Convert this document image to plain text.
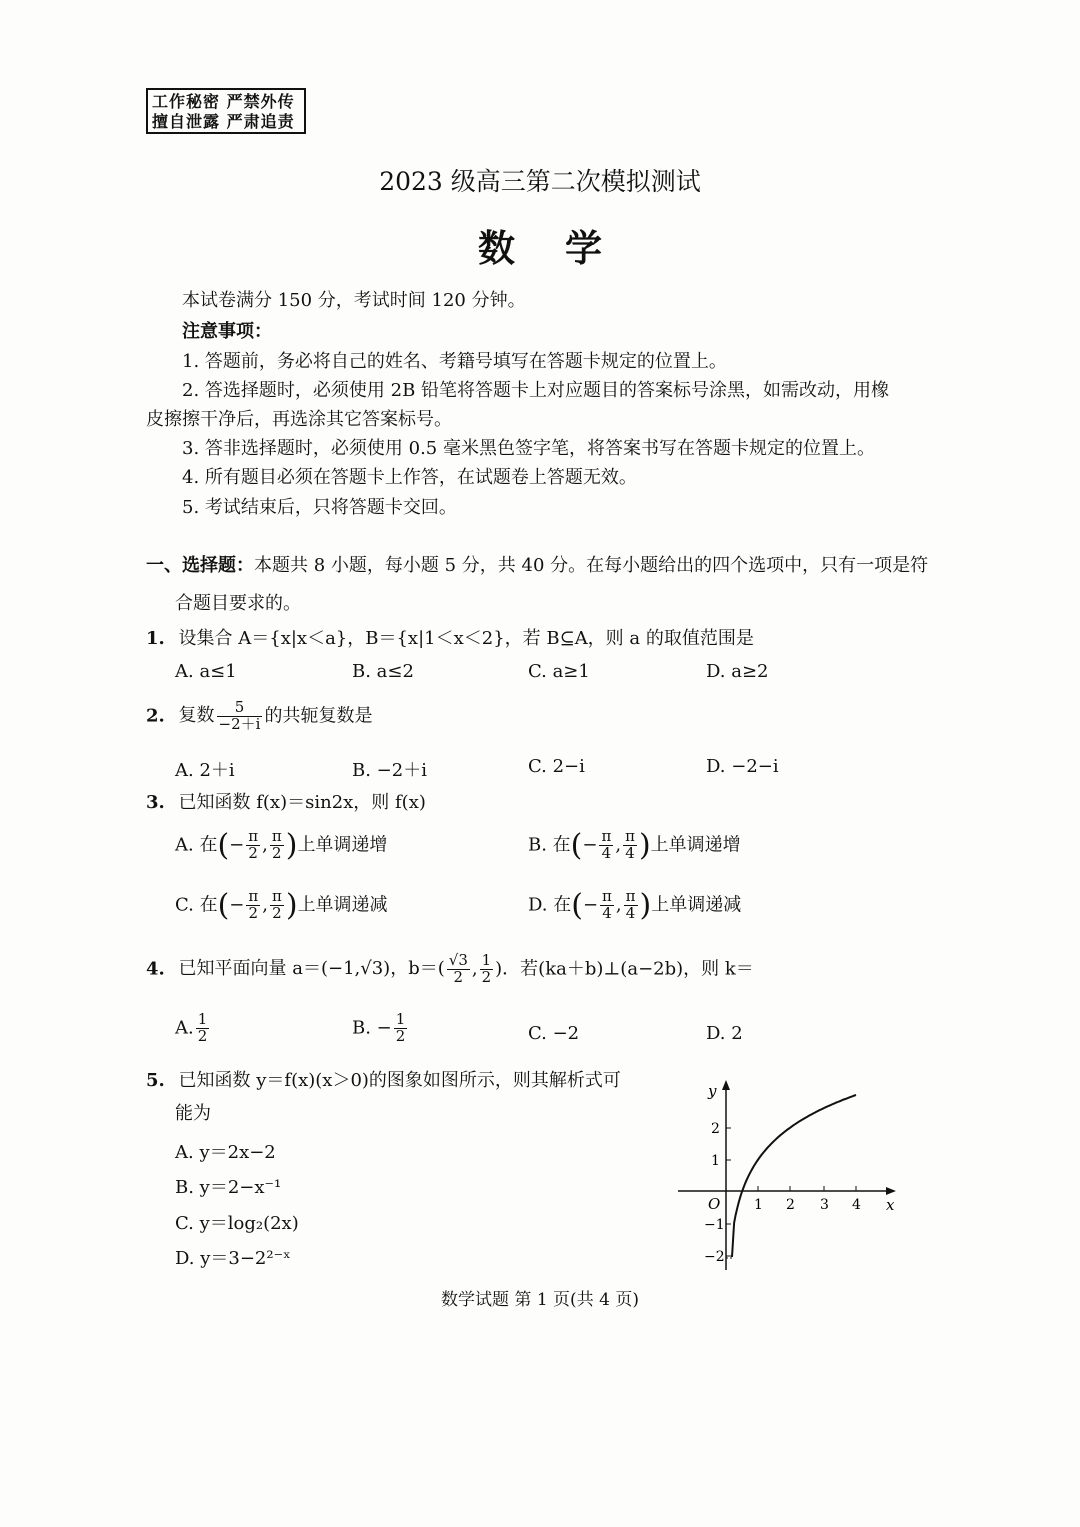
工作秘密 严禁外传
擅自泄露 严肃追责
2023 级高三第二次模拟测试
数学
本试卷满分 150 分，考试时间 120 分钟。
注意事项：
1. 答题前，务必将自己的姓名、考籍号填写在答题卡规定的位置上。
2. 答选择题时，必须使用 2B 铅笔将答题卡上对应题目的答案标号涂黑，如需改动，用橡
皮擦擦干净后，再选涂其它答案标号。
3. 答非选择题时，必须使用 0.5 毫米黑色签字笔，将答案书写在答题卡规定的位置上。
4. 所有题目必须在答题卡上作答，在试题卷上答题无效。
5. 考试结束后，只将答题卡交回。
一、选择题：本题共 8 小题，每小题 5 分，共 40 分。在每小题给出的四个选项中，只有一项是符
合题目要求的。
1. 设集合 A＝{x|x＜a}，B＝{x|1＜x＜2}，若 B⊆A，则 a 的取值范围是
A. a≤1	B. a≤2	C. a≥1	D. a≥2
2. 复数 $\frac{5}{-2+i}$ 的共轭复数是
A. 2＋i	B. −2＋i	C. 2−i	D. −2−i
3. 已知函数 f(x)＝sin2x，则 f(x)
A. 在(− $\frac{\pi}{2}$ , $\frac{\pi}{2}$ )上单调递增	B. 在(− $\frac{\pi}{4}$ , $\frac{\pi}{4}$ )上单调递增
C. 在(− $\frac{\pi}{2}$ , $\frac{\pi}{2}$ )上单调递减	D. 在(− $\frac{\pi}{4}$ , $\frac{\pi}{4}$ )上单调递减
4. 已知平面向量 a＝(−1,√3)，$b=( \frac{√3}{2}$ , $\frac{1}{2}$ )．若(ka＋b)⊥(a−2b)，则 k＝
A. $\frac{1}{2}$	B. − $\frac{1}{2}$	C. −2	D. 2
5. 已知函数 y＝f(x)(x＞0)的图象如图所示，则其解析式可
能为
A. y＝2x−2
B. y＝2−x⁻¹
C. y＝log₂(2x)
D. y＝3−2²⁻ˣ
y
x
O 1 2 3 4
2
1
−1
−2
数学试题 第 1 页(共 4 页)
